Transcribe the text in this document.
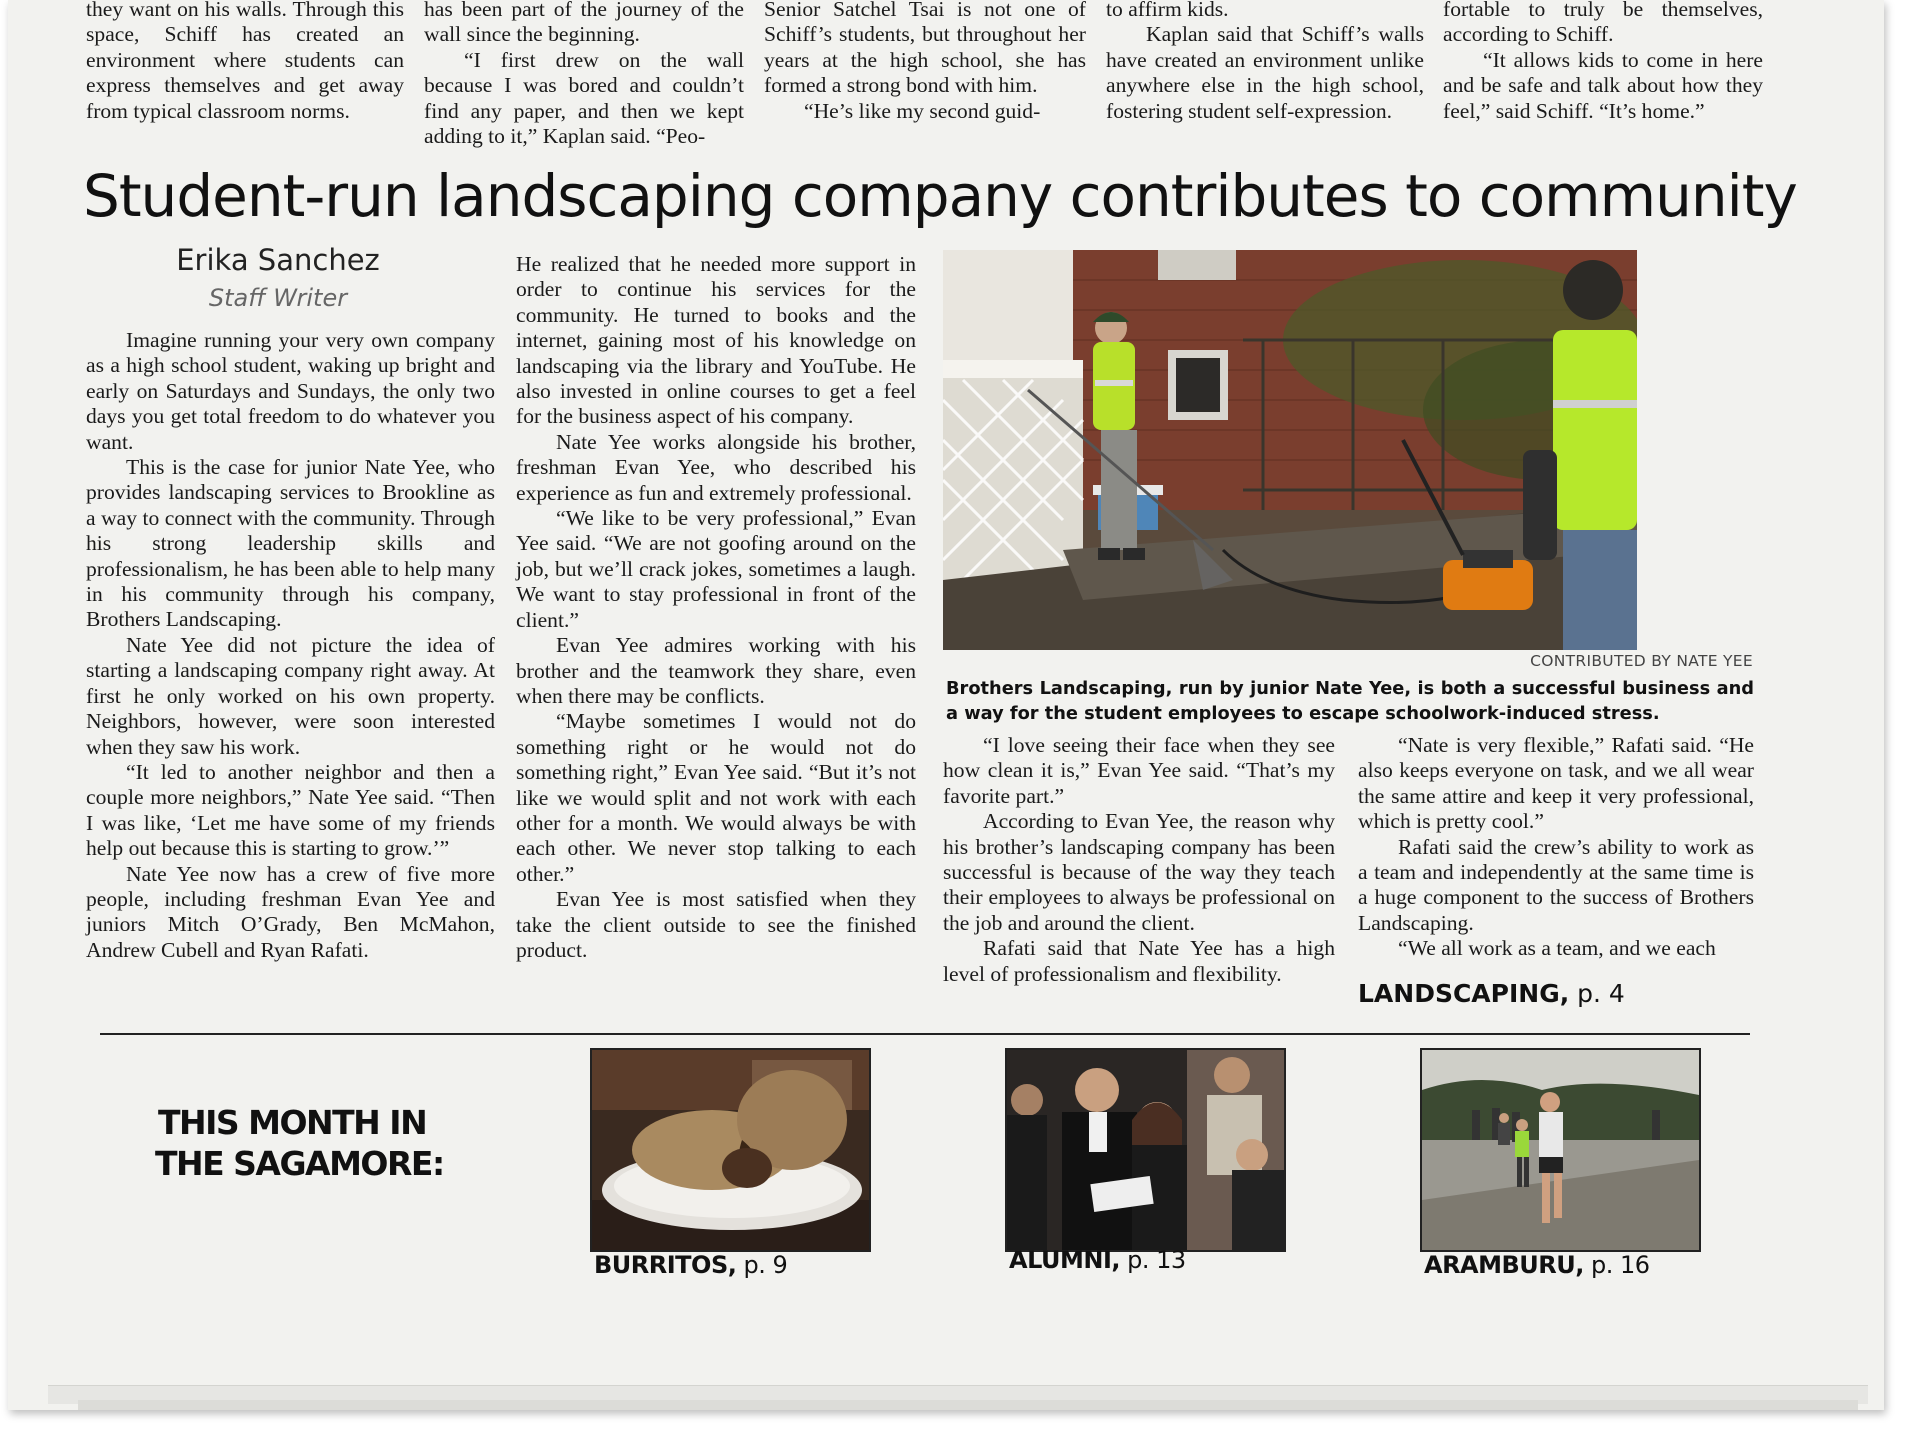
they want on his walls. Through this space, Schiff has created an environment where students can express themselves and get away from typical classroom norms.

has been part of the journey of the wall since the beginning.

“I first drew on the wall because I was bored and couldn’t find any paper, and then we kept adding to it,” Kaplan said. “Peo-

Senior Satchel Tsai is not one of Schiff’s students, but throughout her years at the high school, she has formed a strong bond with him.

“He’s like my second guid-

to affirm kids.

Kaplan said that Schiff’s walls have created an environment unlike anywhere else in the high school, fostering student self-expression.

fortable to truly be themselves, according to Schiff.

“It allows kids to come in here and be safe and talk about how they feel,” said Schiff. “It’s home.”

Student-run landscaping company contributes to community
Erika Sanchez
Staff Writer

Imagine running your very own company as a high school student, waking up bright and early on Saturdays and Sundays, the only two days you get total freedom to do whatever you want.

This is the case for junior Nate Yee, who provides landscaping services to Brookline as a way to connect with the community. Through his strong leadership skills and professionalism, he has been able to help many in his community through his company, Brothers Landscaping.

Nate Yee did not picture the idea of starting a landscaping company right away. At first he only worked on his own property. Neighbors, however, were soon interested when they saw his work.

“It led to another neighbor and then a couple more neighbors,” Nate Yee said. “Then I was like, ‘Let me have some of my friends help out because this is starting to grow.’”

Nate Yee now has a crew of five more people, including freshman Evan Yee and juniors Mitch O’Grady, Ben McMahon, Andrew Cubell and Ryan Rafati.

He realized that he needed more support in order to continue his services for the community. He turned to books and the internet, gaining most of his knowledge on landscaping via the library and YouTube. He also invested in online courses to get a feel for the business aspect of his company.

Nate Yee works alongside his brother, freshman Evan Yee, who described his experience as fun and extremely professional.

“We like to be very professional,” Evan Yee said. “We are not goofing around on the job, but we’ll crack jokes, sometimes a laugh. We want to stay professional in front of the client.”

Evan Yee admires working with his brother and the teamwork they share, even when there may be conflicts.

“Maybe sometimes I would not do something right or he would not do something right,” Evan Yee said. “But it’s not like we would split and not work with each other for a month. We would always be with each other. We never stop talking to each other.”

Evan Yee is most satisfied when they take the client outside to see the finished product.

“I love seeing their face when they see how clean it is,” Evan Yee said. “That’s my favorite part.”

According to Evan Yee, the reason why his brother’s landscaping company has been successful is because of the way they teach their employees to always be professional on the job and around the client.

Rafati said that Nate Yee has a high level of professionalism and flexibility.

“Nate is very flexible,” Rafati said. “He also keeps everyone on task, and we all wear the same attire and keep it very professional, which is pretty cool.”

Rafati said the crew’s ability to work as a team and independently at the same time is a huge component to the success of Brothers Landscaping.

“We all work as a team, and we each

CONTRIBUTED BY NATE YEE
Brothers Landscaping, run by junior Nate Yee, is both a successful business and a way for the student employees to escape schoolwork-induced stress.
LANDSCAPING, p. 4
THIS MONTH IN
THE SAGAMORE:
BURRITOS, p. 9	ALUMNI, p. 13	ARAMBURU, p. 16
